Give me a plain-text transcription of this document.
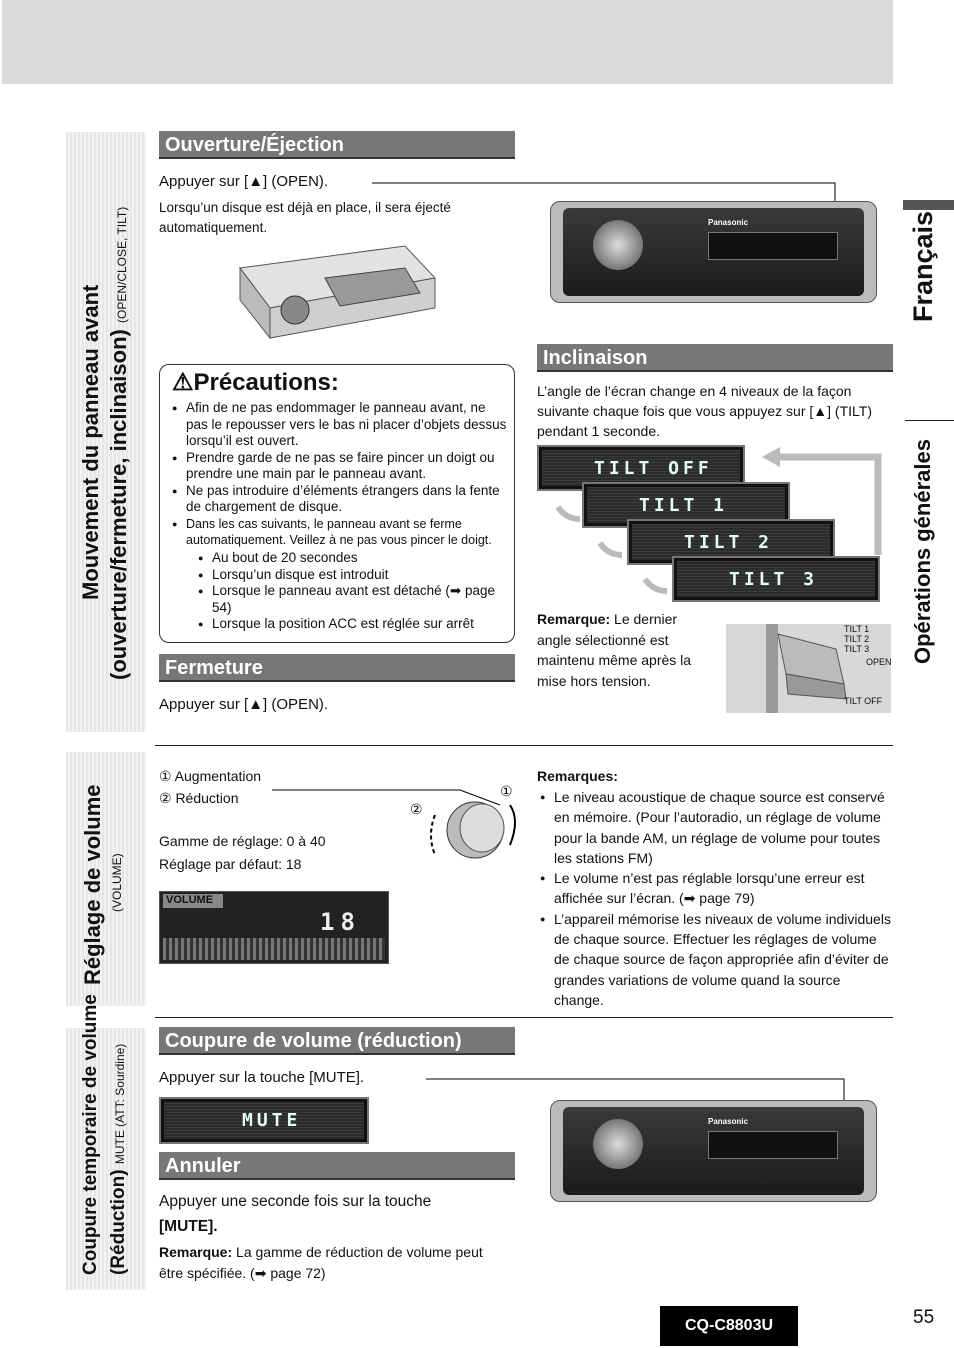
Mouvement du panneau avant (ouverture/fermeture, inclinaison) (OPEN/CLOSE, TILT)
Réglage de volume (VOLUME)
Coupure temporaire de volume (Réduction) MUTE (ATT: Sourdine)
Français
Opérations générales
Ouverture/Éjection
Appuyer sur [▲] (OPEN).
Lorsqu’un disque est déjà en place, il sera éjecté automatiquement.	Panasonic
⚠Précautions:
● Afin de ne pas endommager le panneau avant, ne pas le repousser vers le bas ni placer d’objets dessus lorsqu’il est ouvert.
● Prendre garde de ne pas se faire pincer un doigt ou prendre une main par le panneau avant.
● Ne pas introduire d’éléments étrangers dans la fente de chargement de disque.
● Dans les cas suivants, le panneau avant se ferme automatiquement. Veillez à ne pas vous pincer le doigt.
● Au bout de 20 secondes
● Lorsqu’un disque est introduit
● Lorsque le panneau avant est détaché (➡ page 54)
● Lorsque la position ACC est réglée sur arrêt
Fermeture
Appuyer sur [▲] (OPEN).
Inclinaison
L’angle de l’écran change en 4 niveaux de la façon suivante chaque fois que vous appuyez sur [▲] (TILT) pendant 1 seconde.
TILT OFF
TILT 1
TILT 2
TILT 3
Remarque: Le dernier angle sélectionné est maintenu même après la mise hors tension.
TILT 1
TILT 2
TILT 3
OPEN
TILT OFF
① Augmentation
② Réduction
Gamme de réglage: 0 à 40
Réglage par défaut: 18
①
②
VOLUME
18
Remarques:
● Le niveau acoustique de chaque source est conservé en mémoire. (Pour l’autoradio, un réglage de volume pour la bande AM, un réglage de volume pour toutes les stations FM)
● Le volume n’est pas réglable lorsqu’une erreur est affichée sur l’écran. (➡ page 79)
● L’appareil mémorise les niveaux de volume individuels de chaque source. Effectuer les réglages de volume de chaque source de façon appropriée afin d’éviter de grandes variations de volume quand la source change.
Coupure de volume (réduction)
Appuyer sur la touche [MUTE].
MUTE	Panasonic
Annuler
Appuyer une seconde fois sur la touche
[MUTE].
Remarque: La gamme de réduction de volume peut être spécifiée. (➡ page 72)
CQ-C8803U	55
